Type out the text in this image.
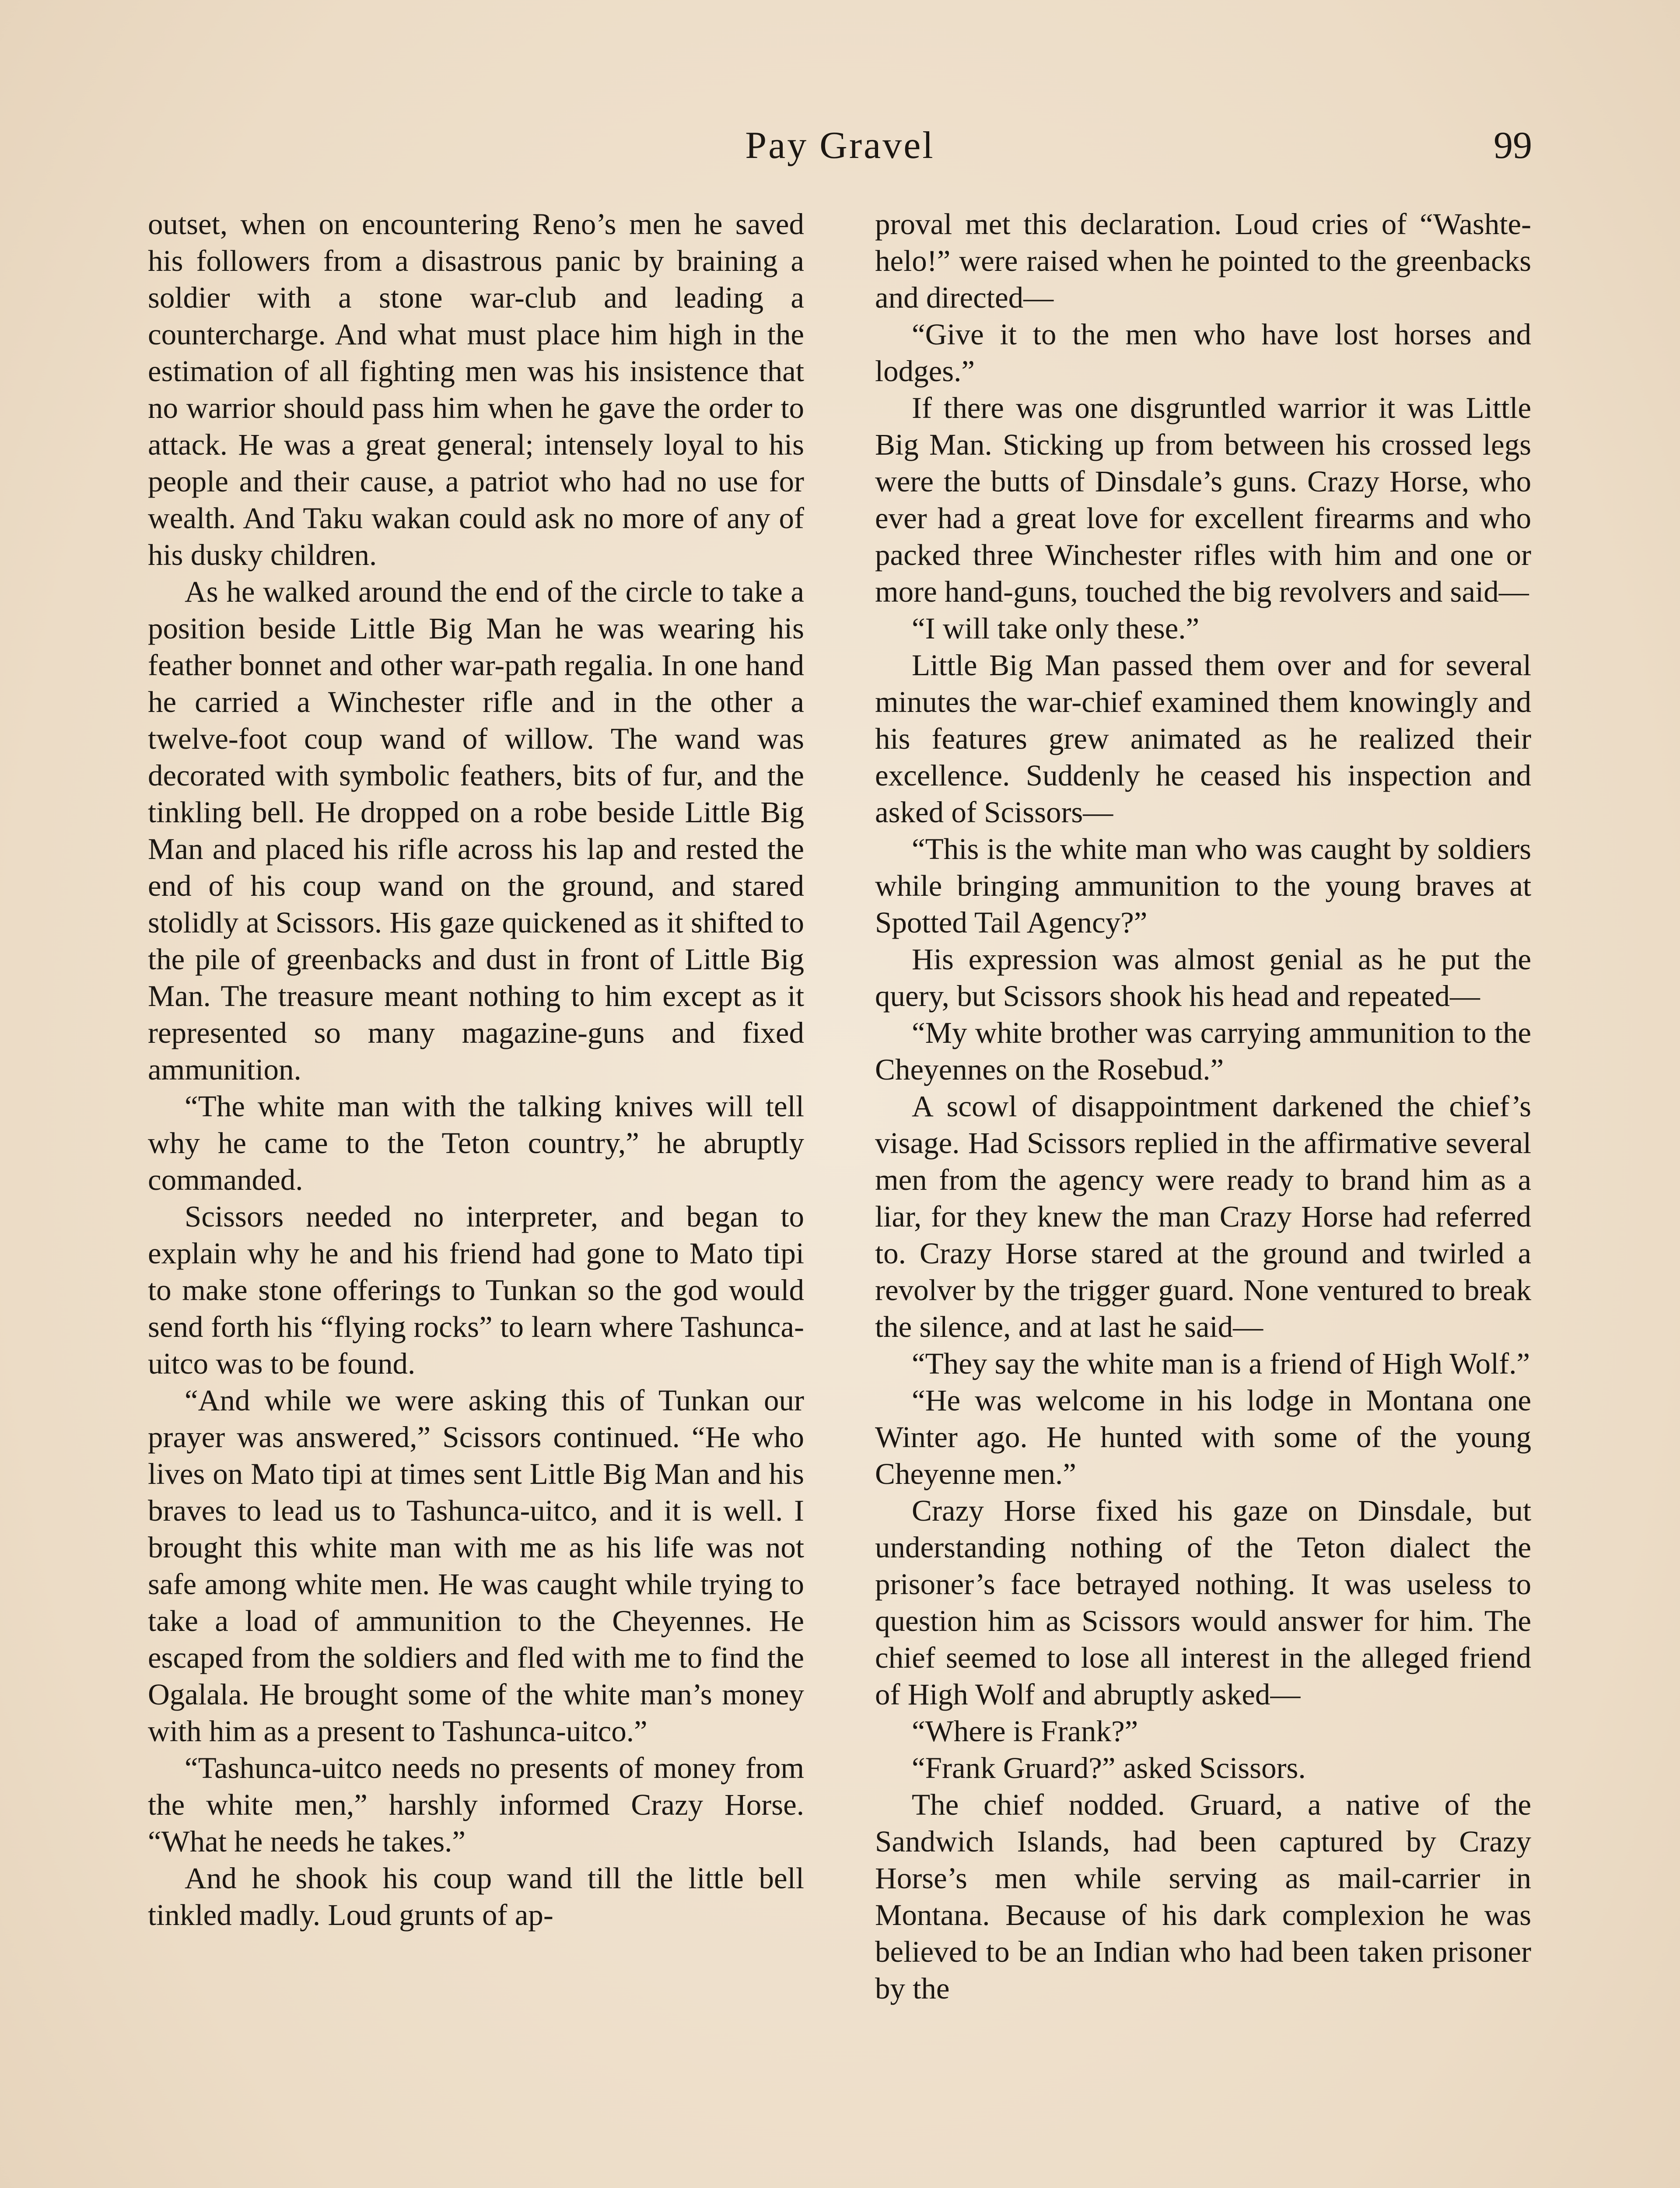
Pay Gravel	99

outset, when on encountering Reno’s men he saved his followers from a disastrous panic by braining a soldier with a stone war-club and leading a countercharge. And what must place him high in the estimation of all fighting men was his insistence that no warrior should pass him when he gave the order to attack. He was a great general; intensely loyal to his people and their cause, a patriot who had no use for wealth. And Taku wakan could ask no more of any of his dusky children.

As he walked around the end of the circle to take a position beside Little Big Man he was wearing his feather bonnet and other war-path regalia. In one hand he carried a Winchester rifle and in the other a twelve-foot coup wand of willow. The wand was decorated with symbolic feathers, bits of fur, and the tinkling bell. He dropped on a robe beside Little Big Man and placed his rifle across his lap and rested the end of his coup wand on the ground, and stared stolidly at Scissors. His gaze quickened as it shifted to the pile of greenbacks and dust in front of Little Big Man. The treasure meant nothing to him except as it represented so many magazine-guns and fixed ammunition.

“The white man with the talking knives will tell why he came to the Teton country,” he abruptly commanded.

Scissors needed no interpreter, and began to explain why he and his friend had gone to Mato tipi to make stone offerings to Tunkan so the god would send forth his “flying rocks” to learn where Tashunca-uitco was to be found.

“And while we were asking this of Tunkan our prayer was answered,” Scissors continued. “He who lives on Mato tipi at times sent Little Big Man and his braves to lead us to Tashunca-uitco, and it is well. I brought this white man with me as his life was not safe among white men. He was caught while trying to take a load of ammunition to the Cheyennes. He escaped from the soldiers and fled with me to find the Ogalala. He brought some of the white man’s money with him as a present to Tashunca-uitco.”

“Tashunca-uitco needs no presents of money from the white men,” harshly informed Crazy Horse. “What he needs he takes.”

And he shook his coup wand till the little bell tinkled madly. Loud grunts of ap-

proval met this declaration. Loud cries of “Washte-helo!” were raised when he pointed to the greenbacks and directed—

“Give it to the men who have lost horses and lodges.”

If there was one disgruntled warrior it was Little Big Man. Sticking up from between his crossed legs were the butts of Dinsdale’s guns. Crazy Horse, who ever had a great love for excellent firearms and who packed three Winchester rifles with him and one or more hand-guns, touched the big revolvers and said—

“I will take only these.”

Little Big Man passed them over and for several minutes the war-chief examined them knowingly and his features grew animated as he realized their excellence. Suddenly he ceased his inspection and asked of Scissors—

“This is the white man who was caught by soldiers while bringing ammunition to the young braves at Spotted Tail Agency?”

His expression was almost genial as he put the query, but Scissors shook his head and repeated—

“My white brother was carrying ammunition to the Cheyennes on the Rosebud.”

A scowl of disappointment darkened the chief’s visage. Had Scissors replied in the affirmative several men from the agency were ready to brand him as a liar, for they knew the man Crazy Horse had referred to. Crazy Horse stared at the ground and twirled a revolver by the trigger guard. None ventured to break the silence, and at last he said—

“They say the white man is a friend of High Wolf.”

“He was welcome in his lodge in Montana one Winter ago. He hunted with some of the young Cheyenne men.”

Crazy Horse fixed his gaze on Dinsdale, but understanding nothing of the Teton dialect the prisoner’s face betrayed nothing. It was useless to question him as Scissors would answer for him. The chief seemed to lose all interest in the alleged friend of High Wolf and abruptly asked—

“Where is Frank?”

“Frank Gruard?” asked Scissors.

The chief nodded. Gruard, a native of the Sandwich Islands, had been captured by Crazy Horse’s men while serving as mail-carrier in Montana. Because of his dark complexion he was believed to be an Indian who had been taken prisoner by the
